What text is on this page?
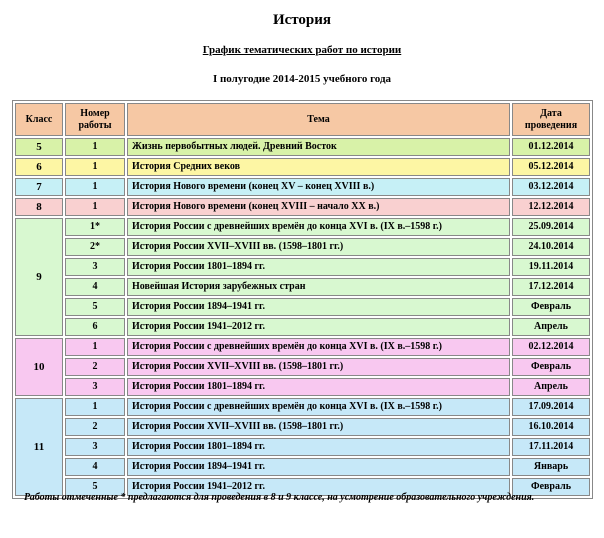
История
График тематических работ по истории
I полугодие 2014-2015 учебного года
Класс	Номер работы	Тема	Дата проведения
5	1	Жизнь первобытных людей. Древний Восток	01.12.2014
6	1	История Средних веков	05.12.2014
7	1	История Нового времени (конец XV – конец XVIII в.)	03.12.2014
8	1	История Нового времени (конец XVIII – начало XX в.)	12.12.2014
9	1*	История России с древнейших времён до конца XVI в. (IX в.–1598 г.)	25.09.2014
	2*	История России XVII–XVIII вв. (1598–1801 гг.)	24.10.2014
	3	История России 1801–1894 гг.	19.11.2014
	4	Новейшая История зарубежных стран	17.12.2014
	5	История России 1894–1941 гг.	Февраль
	6	История России 1941–2012 гг.	Апрель
10	1	История России с древнейших времён до конца XVI в. (IX в.–1598 г.)	02.12.2014
	2	История России XVII–XVIII вв. (1598–1801 гг.)	Февраль
	3	История России 1801–1894 гг.	Апрель
11	1	История России с древнейших времён до конца XVI в. (IX в.–1598 г.)	17.09.2014
	2	История России XVII–XVIII вв. (1598–1801 гг.)	16.10.2014
	3	История России 1801–1894 гг.	17.11.2014
	4	История России 1894–1941 гг.	Январь
	5	История России 1941–2012 гг.	Февраль
Работы отмеченные * предлагаются для проведения в 8 и 9 классе, на усмотрение образовательного учреждения.
